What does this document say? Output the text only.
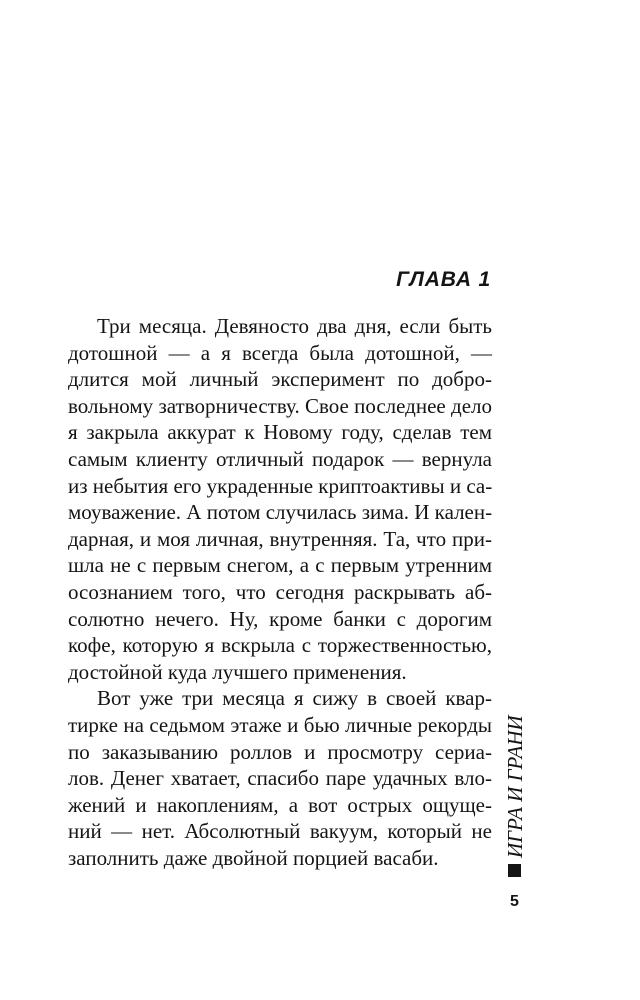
ГЛАВА 1
Три месяца. Девяносто два дня, если быть
дотошной — а я всегда была дотошной, —
длится мой личный эксперимент по добро-
вольному затворничеству. Свое последнее дело
я закрыла аккурат к Новому году, сделав тем
самым клиенту отличный подарок — вернула
из небытия его украденные криптоактивы и са-
моуважение. А потом случилась зима. И кален-
дарная, и моя личная, внутренняя. Та, что при-
шла не с первым снегом, а с первым утренним
осознанием того, что сегодня раскрывать аб-
солютно нечего. Ну, кроме банки с дорогим
кофе, которую я вскрыла с торжественностью,
достойной куда лучшего применения.
Вот уже три месяца я сижу в своей квар-
тирке на седьмом этаже и бью личные рекорды
по заказыванию роллов и просмотру сериа-
лов. Денег хватает, спасибо паре удачных вло-
жений и накоплениям, а вот острых ощуще-
ний — нет. Абсолютный вакуум, который не
заполнить даже двойной порцией васаби.	ИГРА И ГРАНИ
5
